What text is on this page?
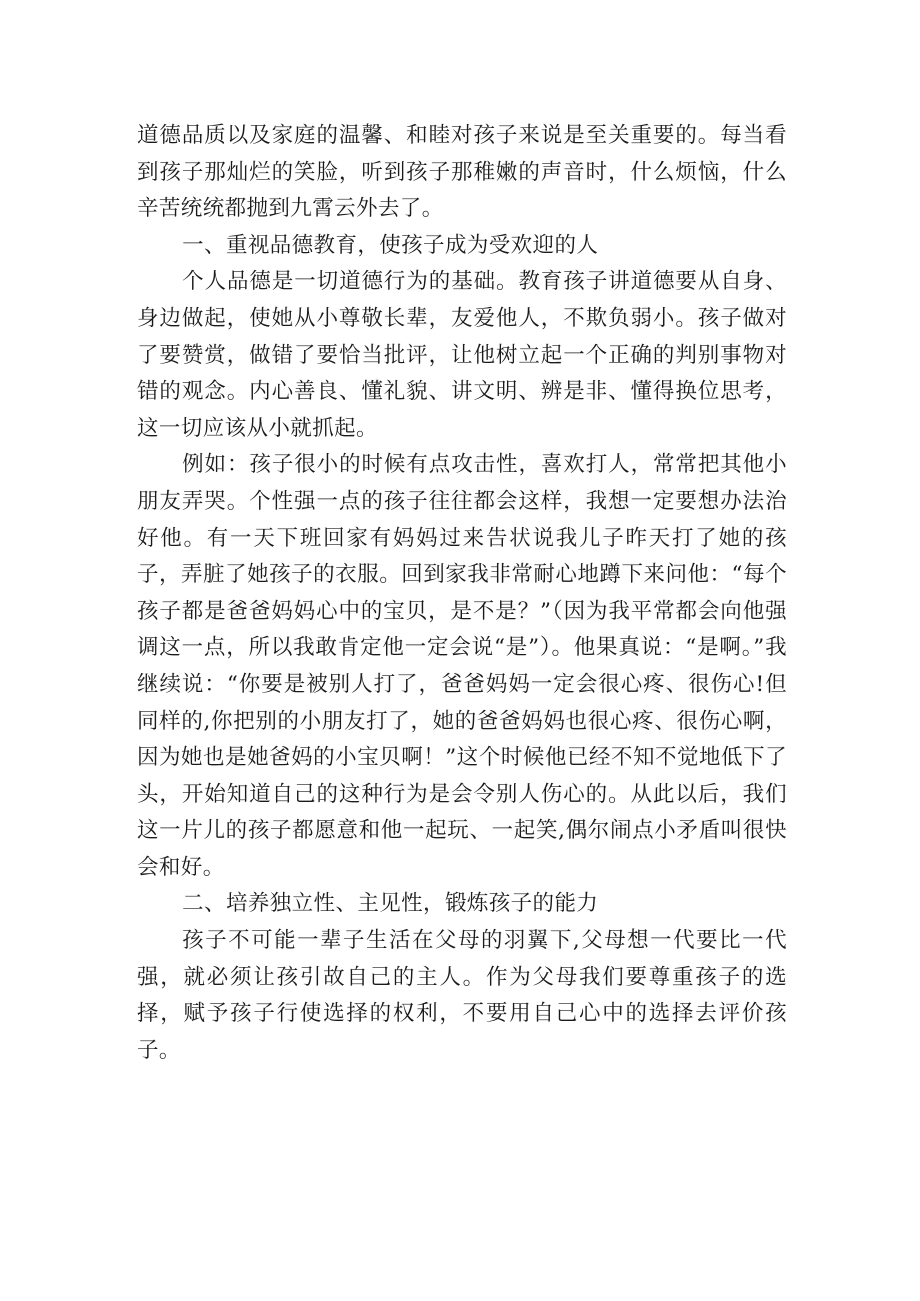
道德品质以及家庭的温馨、和睦对孩子来说是至关重要的。每当看到孩子那灿烂的笑脸，听到孩子那稚嫩的声音时，什么烦恼，什么辛苦统统都抛到九霄云外去了。

一、重视品德教育，使孩子成为受欢迎的人

个人品德是一切道德行为的基础。教育孩子讲道德要从自身、身边做起，使她从小尊敬长辈，友爱他人，不欺负弱小。孩子做对了要赞赏，做错了要恰当批评，让他树立起一个正确的判别事物对错的观念。内心善良、懂礼貌、讲文明、辨是非、懂得换位思考，这一切应该从小就抓起。

例如：孩子很小的时候有点攻击性，喜欢打人，常常把其他小朋友弄哭。个性强一点的孩子往往都会这样，我想一定要想办法治好他。有一天下班回家有妈妈过来告状说我儿子昨天打了她的孩子，弄脏了她孩子的衣服。回到家我非常耐心地蹲下来问他：“每个孩子都是爸爸妈妈心中的宝贝，是不是？”（因为我平常都会向他强调这一点，所以我敢肯定他一定会说“是”）。他果真说：“是啊。”我继续说：“你要是被别人打了，爸爸妈妈一定会很心疼、很伤心!但同样的,你把别的小朋友打了，她的爸爸妈妈也很心疼、很伤心啊，因为她也是她爸妈的小宝贝啊！”这个时候他已经不知不觉地低下了头，开始知道自己的这种行为是会令别人伤心的。从此以后，我们这一片儿的孩子都愿意和他一起玩、一起笑,偶尔闹点小矛盾叫很快会和好。

二、培养独立性、主见性，锻炼孩子的能力

孩子不可能一辈子生活在父母的羽翼下,父母想一代要比一代强，就必须让孩引故自己的主人。作为父母我们要尊重孩子的选择，赋予孩子行使选择的权利，不要用自己心中的选择去评价孩子。
